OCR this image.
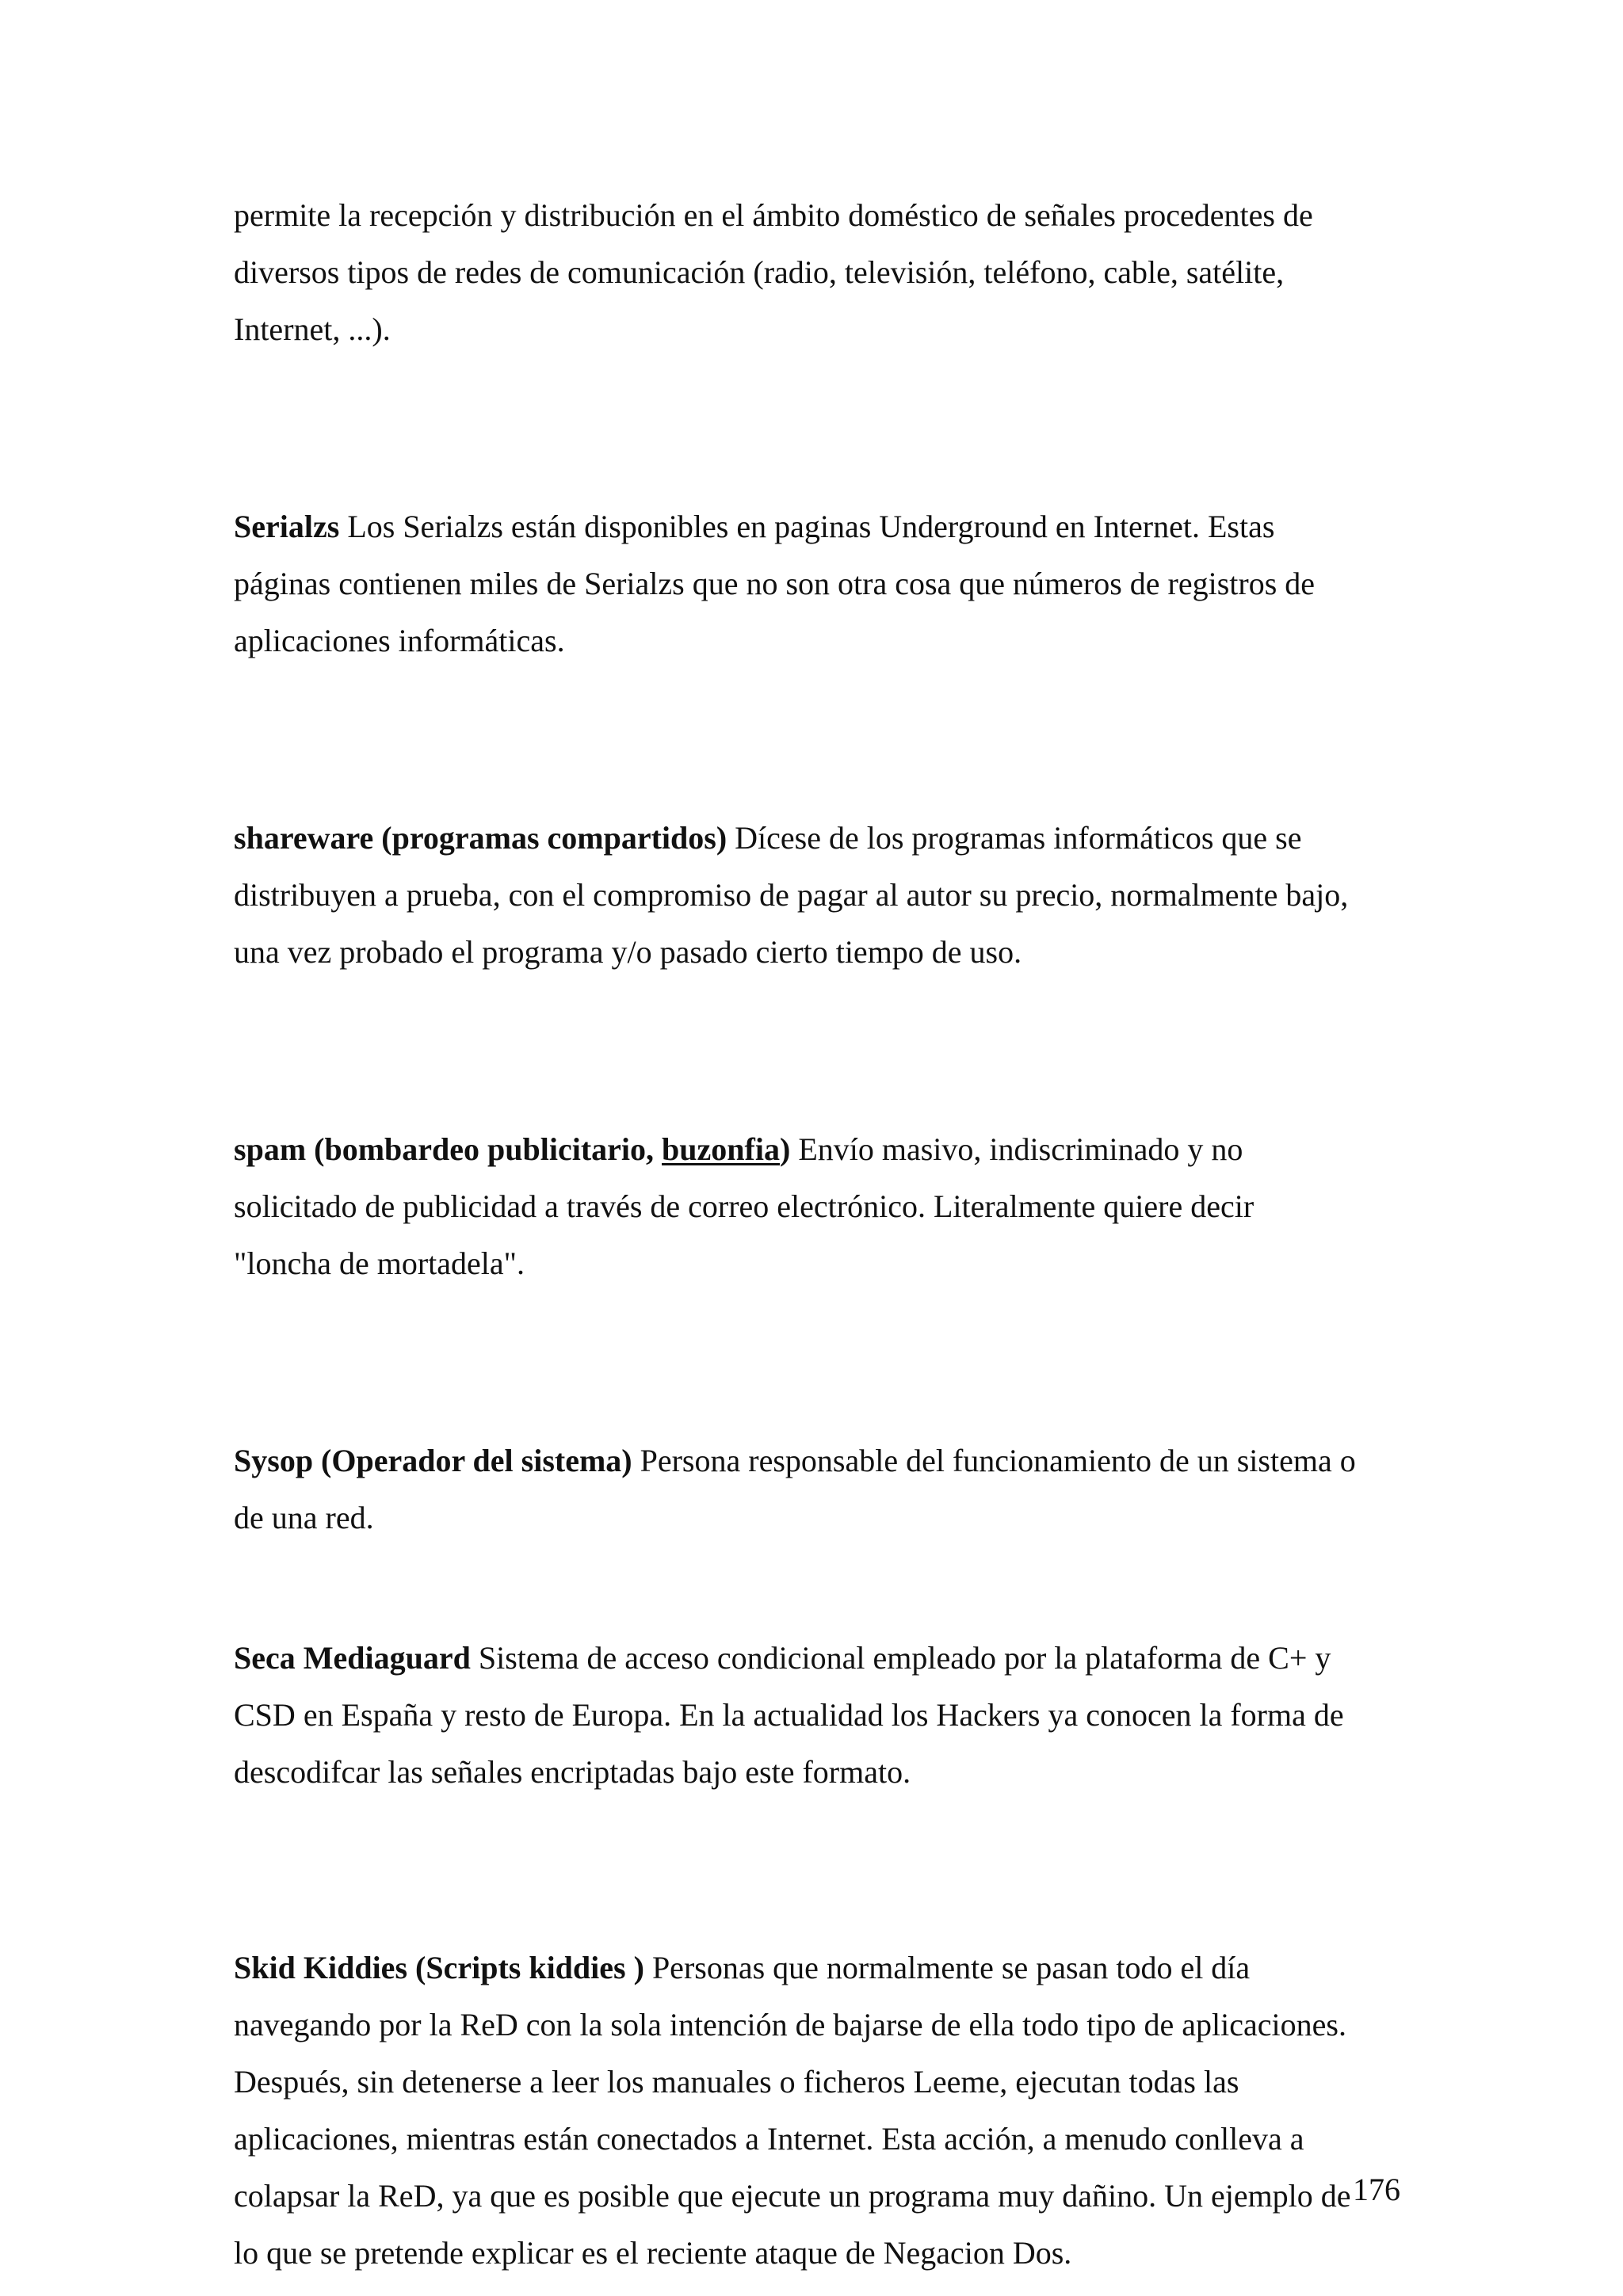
permite la recepción y distribución en el ámbito doméstico de señales procedentes de
diversos tipos de redes de comunicación (radio, televisión, teléfono, cable, satélite,
Internet, ...).

Serialzs Los Serialzs están disponibles en paginas Underground en Internet. Estas
páginas contienen miles de Serialzs que no son otra cosa que números de registros de
aplicaciones informáticas.

shareware (programas compartidos) Dícese de los programas informáticos que se
distribuyen a prueba, con el compromiso de pagar al autor su precio, normalmente bajo,
una vez probado el programa y/o pasado cierto tiempo de uso.

spam (bombardeo publicitario, buzonfia) Envío masivo, indiscriminado y no
solicitado de publicidad a través de correo electrónico. Literalmente quiere decir
"loncha de mortadela".

Sysop (Operador del sistema) Persona responsable del funcionamiento de un sistema o
de una red.

Seca Mediaguard Sistema de acceso condicional empleado por la plataforma de C+ y
CSD en España y resto de Europa. En la actualidad los Hackers ya conocen la forma de
descodifcar las señales encriptadas bajo este formato.

Skid Kiddies (Scripts kiddies ) Personas que normalmente se pasan todo el día
navegando por la ReD con la sola intención de bajarse de ella todo tipo de aplicaciones.
Después, sin detenerse a leer los manuales o ficheros Leeme, ejecutan todas las
aplicaciones, mientras están conectados a Internet. Esta acción, a menudo conlleva a
colapsar la ReD, ya que es posible que ejecute un programa muy dañino. Un ejemplo de
lo que se pretende explicar es el reciente ataque de Negacion Dos.

176
